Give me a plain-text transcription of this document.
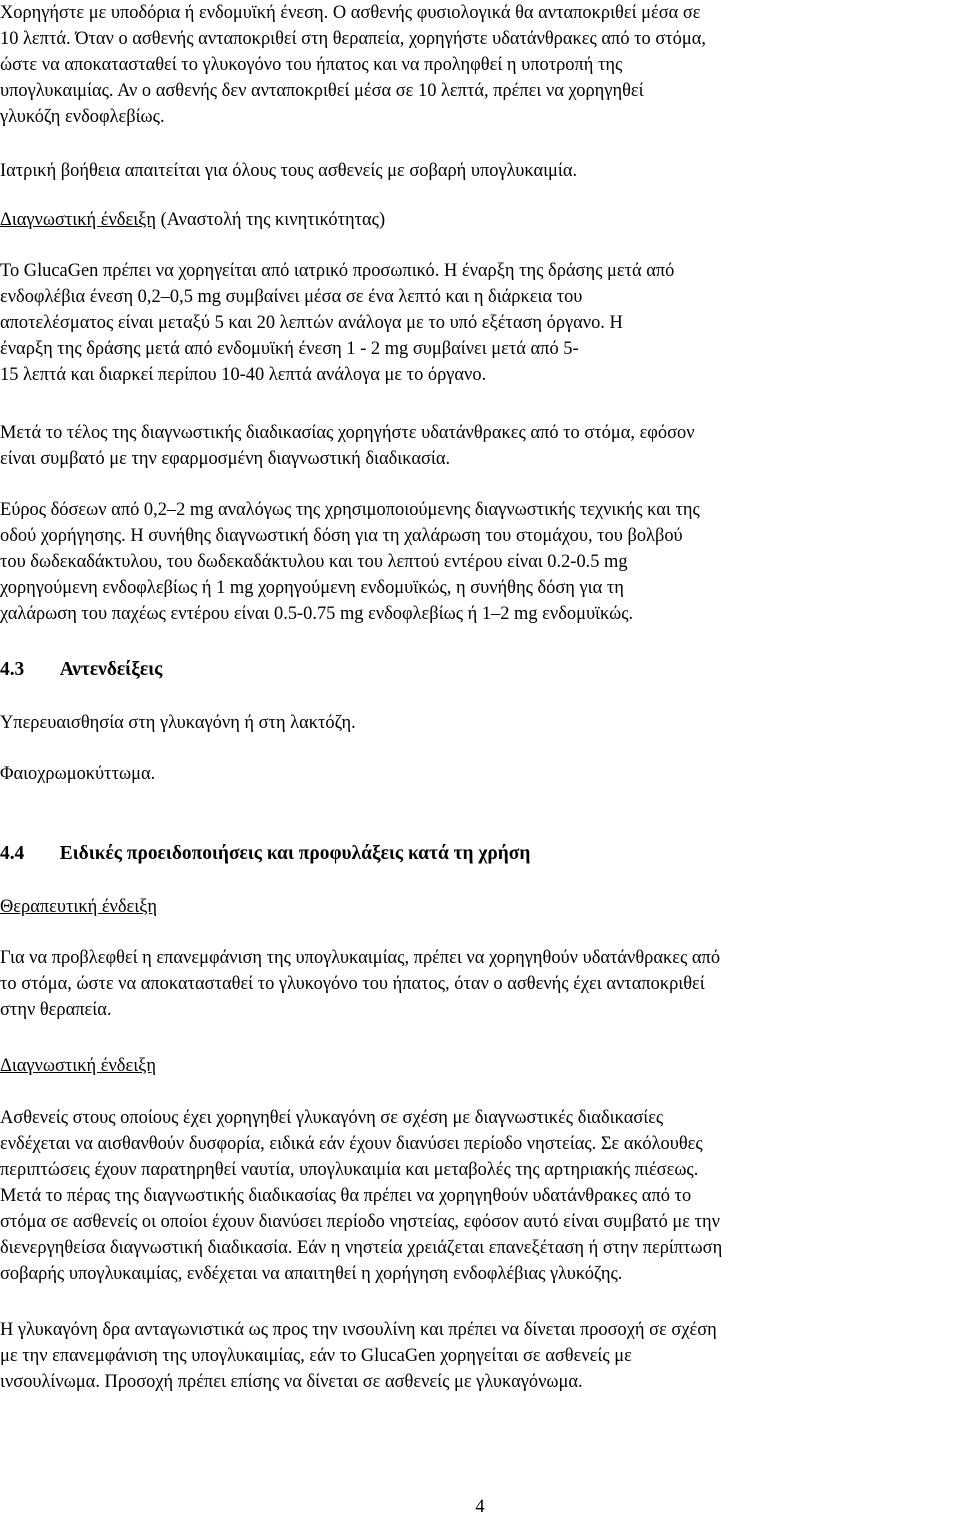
Χορηγήστε με υποδόρια ή ενδομυϊκή ένεση. Ο ασθενής φυσιολογικά θα ανταποκριθεί μέσα σε

10 λεπτά. Όταν ο ασθενής ανταποκριθεί στη θεραπεία, χορηγήστε υδατάνθρακες από το στόμα,

ώστε να αποκατασταθεί το γλυκογόνο του ήπατος και να προληφθεί η υποτροπή της

υπογλυκαιμίας. Αν ο ασθενής δεν ανταποκριθεί μέσα σε 10 λεπτά, πρέπει να χορηγηθεί

γλυκόζη ενδοφλεβίως.

Ιατρική βοήθεια απαιτείται για όλους τους ασθενείς με σοβαρή υπογλυκαιμία.

Διαγνωστική ένδειξη (Αναστολή της κινητικότητας)

Το GlucaGen πρέπει να χορηγείται από ιατρικό προσωπικό. Η έναρξη της δράσης μετά από

ενδοφλέβια ένεση 0,2–0,5 mg συμβαίνει μέσα σε ένα λεπτό και η διάρκεια του

αποτελέσματος είναι μεταξύ 5 και 20 λεπτών ανάλογα με το υπό εξέταση όργανο. Η

έναρξη της δράσης μετά από ενδομυϊκή ένεση 1 - 2 mg συμβαίνει μετά από 5-

15 λεπτά και διαρκεί περίπου 10-40 λεπτά ανάλογα με το όργανο.

Μετά το τέλος της διαγνωστικής διαδικασίας χορηγήστε υδατάνθρακες από το στόμα, εφόσον

είναι συμβατό με την εφαρμοσμένη διαγνωστική διαδικασία.

Εύρος δόσεων από 0,2–2 mg αναλόγως της χρησιμοποιούμενης διαγνωστικής τεχνικής και της

οδού χορήγησης. Η συνήθης διαγνωστική δόση για τη χαλάρωση του στομάχου, του βολβού

του δωδεκαδάκτυλου, του δωδεκαδάκτυλου και του λεπτού εντέρου είναι 0.2-0.5 mg

χορηγούμενη ενδοφλεβίως ή 1 mg χορηγούμενη ενδομυϊκώς, η συνήθης δόση για τη

χαλάρωση του παχέως εντέρου είναι 0.5-0.75 mg ενδοφλεβίως ή 1–2 mg ενδομυϊκώς.

4.3 Αντενδείξεις

Υπερευαισθησία στη γλυκαγόνη ή στη λακτόζη.

Φαιοχρωμοκύττωμα.

4.4 Ειδικές προειδοποιήσεις και προφυλάξεις κατά τη χρήση

Θεραπευτική ένδειξη

Για να προβλεφθεί η επανεμφάνιση της υπογλυκαιμίας, πρέπει να χορηγηθούν υδατάνθρακες από

το στόμα, ώστε να αποκατασταθεί το γλυκογόνο του ήπατος, όταν ο ασθενής έχει ανταποκριθεί

στην θεραπεία.

Διαγνωστική ένδειξη

Ασθενείς στους οποίους έχει χορηγηθεί γλυκαγόνη σε σχέση με διαγνωστικές διαδικασίες

ενδέχεται να αισθανθούν δυσφορία, ειδικά εάν έχουν διανύσει περίοδο νηστείας. Σε ακόλουθες

περιπτώσεις έχουν παρατηρηθεί ναυτία, υπογλυκαιμία και μεταβολές της αρτηριακής πιέσεως.

Μετά το πέρας της διαγνωστικής διαδικασίας θα πρέπει να χορηγηθούν υδατάνθρακες από το

στόμα σε ασθενείς οι οποίοι έχουν διανύσει περίοδο νηστείας, εφόσον αυτό είναι συμβατό με την

διενεργηθείσα διαγνωστική διαδικασία. Εάν η νηστεία χρειάζεται επανεξέταση ή στην περίπτωση

σοβαρής υπογλυκαιμίας, ενδέχεται να απαιτηθεί η χορήγηση ενδοφλέβιας γλυκόζης.

Η γλυκαγόνη δρα ανταγωνιστικά ως προς την ινσουλίνη και πρέπει να δίνεται προσοχή σε σχέση

με την επανεμφάνιση της υπογλυκαιμίας, εάν το GlucaGen χορηγείται σε ασθενείς με

ινσουλίνωμα. Προσοχή πρέπει επίσης να δίνεται σε ασθενείς με γλυκαγόνωμα.

4
